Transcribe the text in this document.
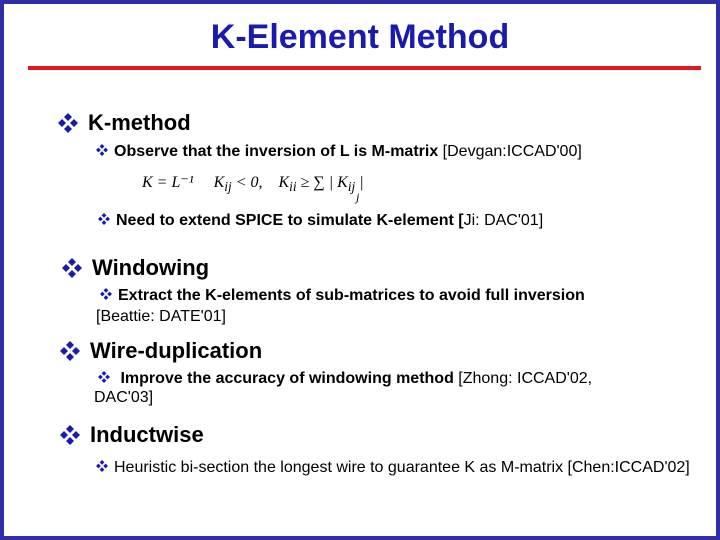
K-Element Method
K-method
Observe that the inversion of L is M-matrix [Devgan:ICCAD'00]
K = L⁻¹ $K_{ij} < 0$, $K_{ii}$ ≥ ∑ | $K_{ij}$ |
j
Need to extend SPICE to simulate K-element [Ji: DAC'01]
Windowing
Extract the K-elements of sub-matrices to avoid full inversion
[Beattie: DATE'01]
Wire-duplication
Improve the accuracy of windowing method [Zhong: ICCAD'02,
DAC'03]
Inductwise
Heuristic bi-section the longest wire to guarantee K as M-matrix [Chen:ICCAD'02]
